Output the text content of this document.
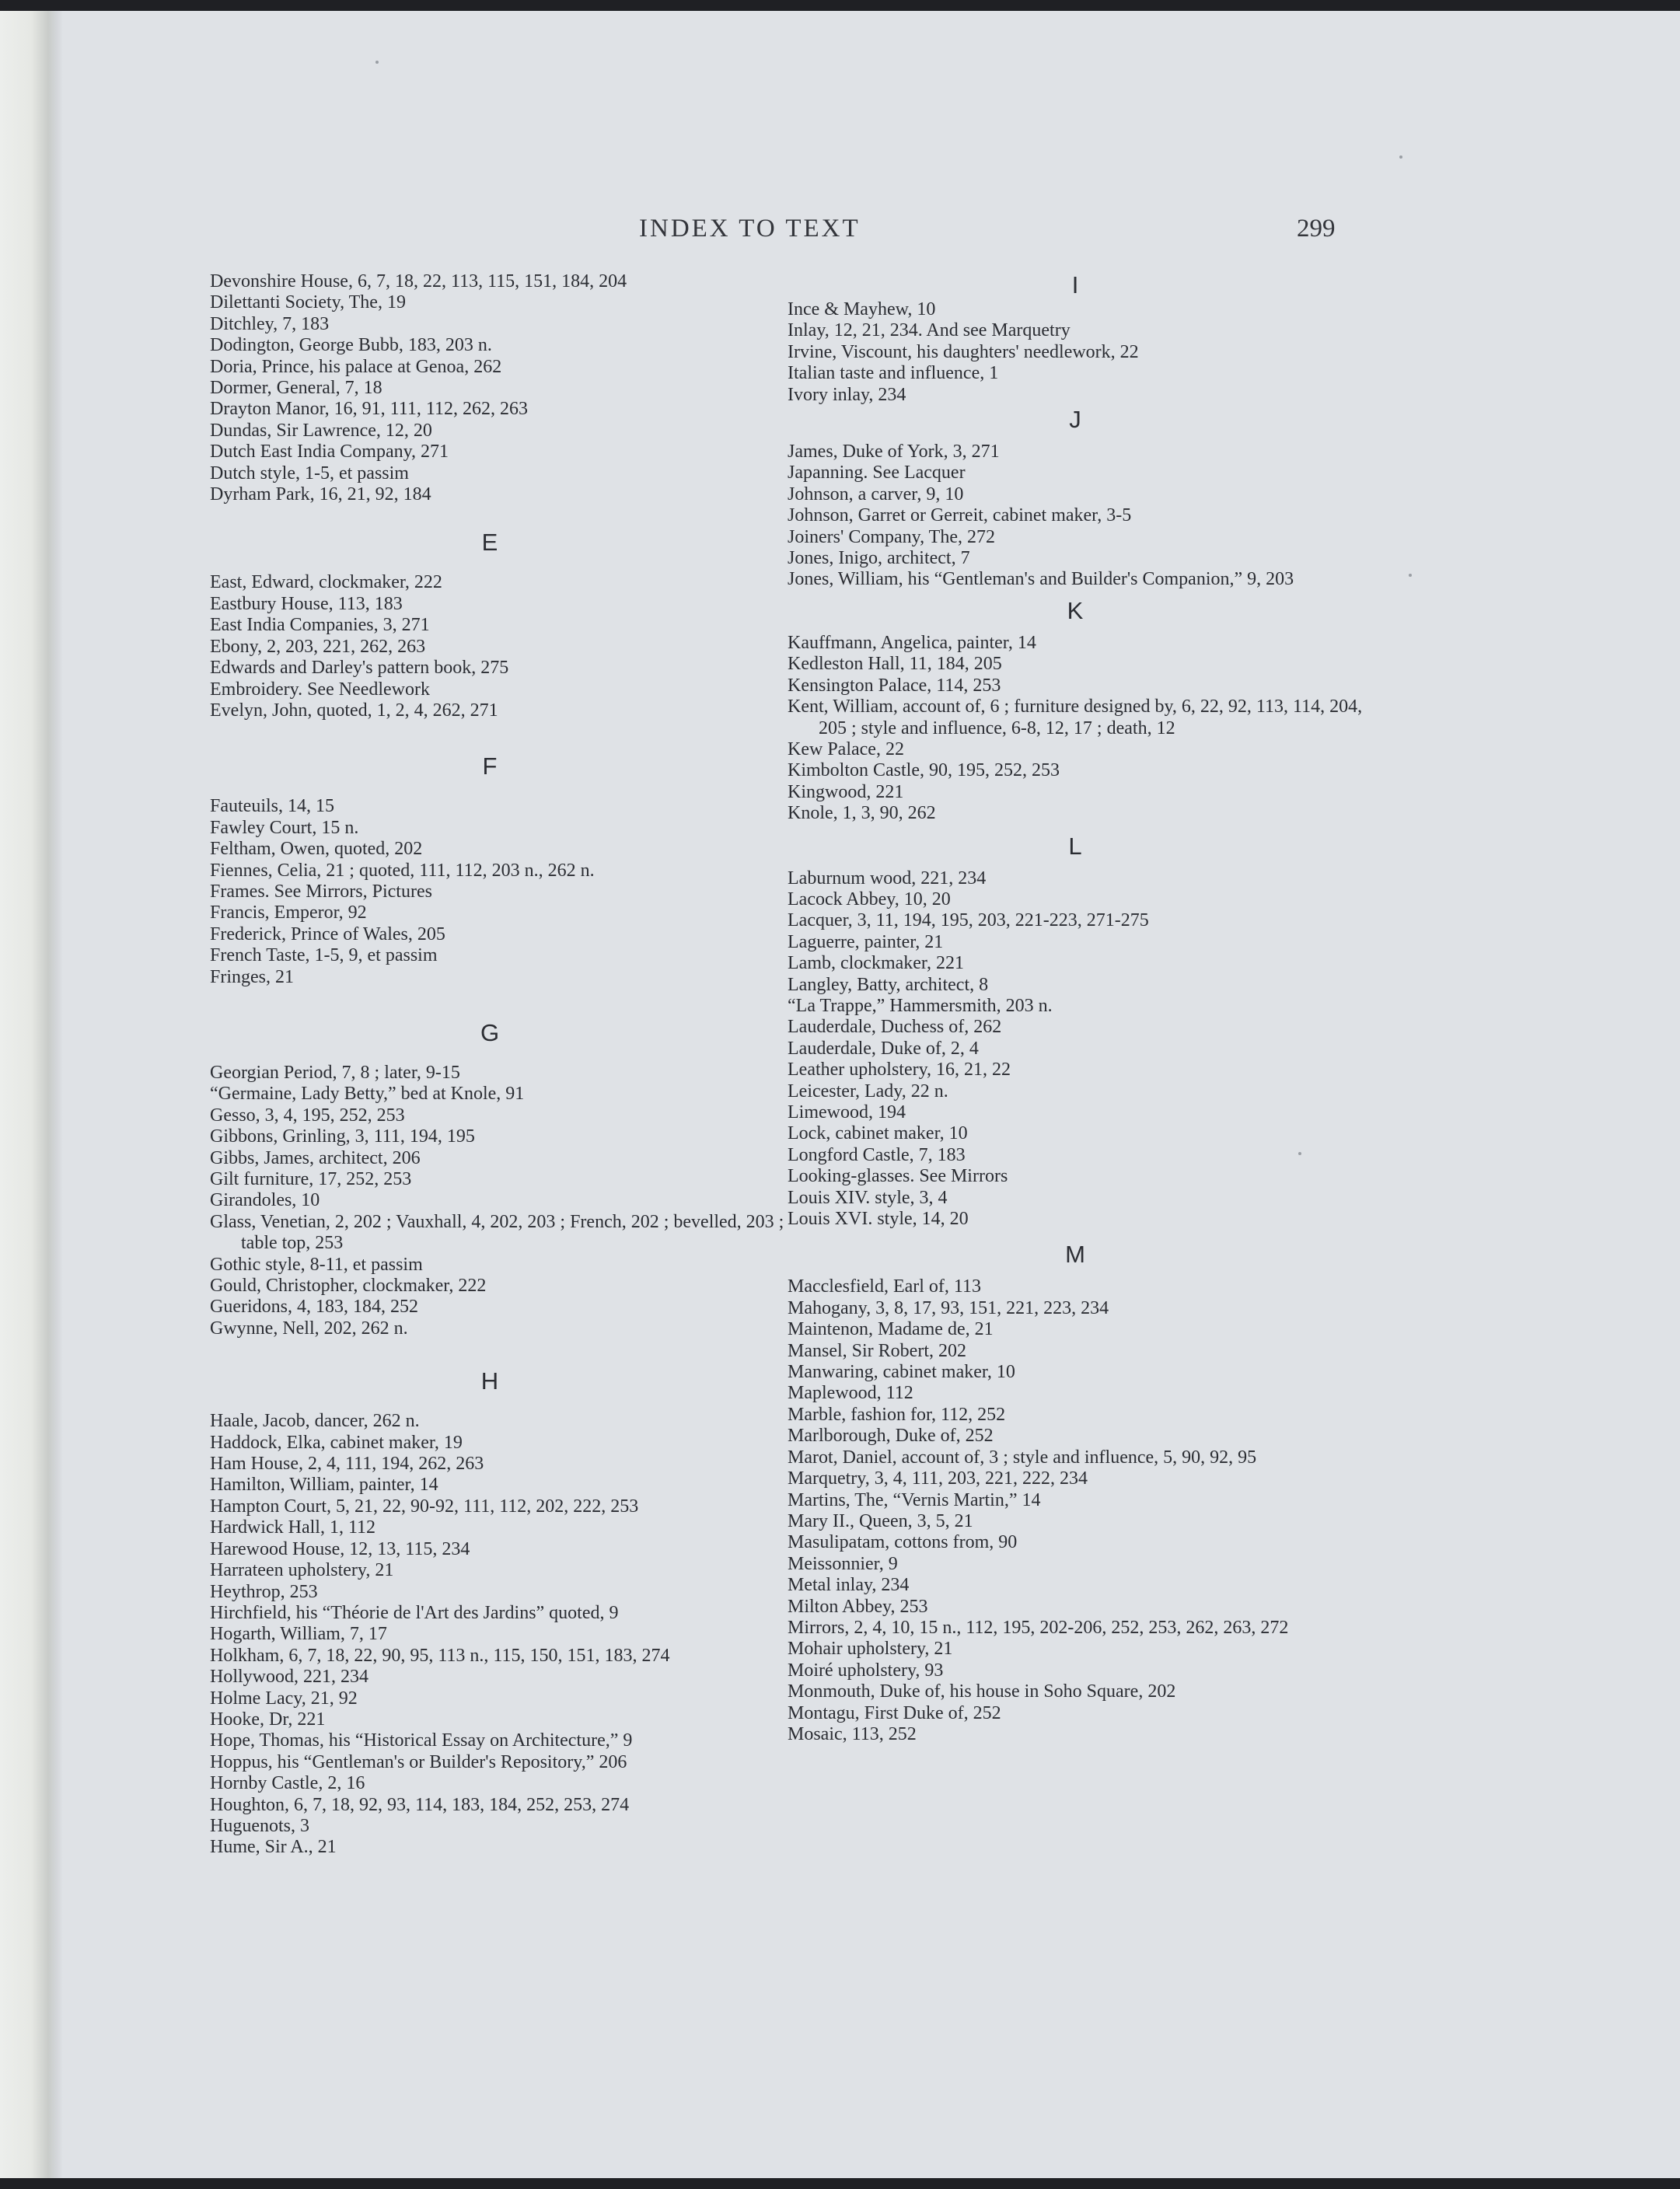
INDEX TO TEXT	299
Devonshire House, 6, 7, 18, 22, 113, 115, 151, 184, 204
Dilettanti Society, The, 19
Ditchley, 7, 183
Dodington, George Bubb, 183, 203 n.
Doria, Prince, his palace at Genoa, 262
Dormer, General, 7, 18
Drayton Manor, 16, 91, 111, 112, 262, 263
Dundas, Sir Lawrence, 12, 20
Dutch East India Company, 271
Dutch style, 1-5, et passim
Dyrham Park, 16, 21, 92, 184
E
East, Edward, clockmaker, 222
Eastbury House, 113, 183
East India Companies, 3, 271
Ebony, 2, 203, 221, 262, 263
Edwards and Darley's pattern book, 275
Embroidery. See Needlework
Evelyn, John, quoted, 1, 2, 4, 262, 271
F
Fauteuils, 14, 15
Fawley Court, 15 n.
Feltham, Owen, quoted, 202
Fiennes, Celia, 21 ; quoted, 111, 112, 203 n., 262 n.
Frames. See Mirrors, Pictures
Francis, Emperor, 92
Frederick, Prince of Wales, 205
French Taste, 1-5, 9, et passim
Fringes, 21
G
Georgian Period, 7, 8 ; later, 9-15
“Germaine, Lady Betty,” bed at Knole, 91
Gesso, 3, 4, 195, 252, 253
Gibbons, Grinling, 3, 111, 194, 195
Gibbs, James, architect, 206
Gilt furniture, 17, 252, 253
Girandoles, 10
Glass, Venetian, 2, 202 ; Vauxhall, 4, 202, 203 ; French, 202 ; bevelled, 203 ; table top, 253
Gothic style, 8-11, et passim
Gould, Christopher, clockmaker, 222
Gueridons, 4, 183, 184, 252
Gwynne, Nell, 202, 262 n.
H
Haale, Jacob, dancer, 262 n.
Haddock, Elka, cabinet maker, 19
Ham House, 2, 4, 111, 194, 262, 263
Hamilton, William, painter, 14
Hampton Court, 5, 21, 22, 90-92, 111, 112, 202, 222, 253
Hardwick Hall, 1, 112
Harewood House, 12, 13, 115, 234
Harrateen upholstery, 21
Heythrop, 253
Hirchfield, his “Théorie de l'Art des Jardins” quoted, 9
Hogarth, William, 7, 17
Holkham, 6, 7, 18, 22, 90, 95, 113 n., 115, 150, 151, 183, 274
Hollywood, 221, 234
Holme Lacy, 21, 92
Hooke, Dr, 221
Hope, Thomas, his “Historical Essay on Architecture,” 9
Hoppus, his “Gentleman's or Builder's Repository,” 206
Hornby Castle, 2, 16
Houghton, 6, 7, 18, 92, 93, 114, 183, 184, 252, 253, 274
Huguenots, 3
Hume, Sir A., 21
I
Ince & Mayhew, 10
Inlay, 12, 21, 234. And see Marquetry
Irvine, Viscount, his daughters' needlework, 22
Italian taste and influence, 1
Ivory inlay, 234
J
James, Duke of York, 3, 271
Japanning. See Lacquer
Johnson, a carver, 9, 10
Johnson, Garret or Gerreit, cabinet maker, 3-5
Joiners' Company, The, 272
Jones, Inigo, architect, 7
Jones, William, his “Gentleman's and Builder's Companion,” 9, 203
K
Kauffmann, Angelica, painter, 14
Kedleston Hall, 11, 184, 205
Kensington Palace, 114, 253
Kent, William, account of, 6 ; furniture designed by, 6, 22, 92, 113, 114, 204, 205 ; style and influence, 6-8, 12, 17 ; death, 12
Kew Palace, 22
Kimbolton Castle, 90, 195, 252, 253
Kingwood, 221
Knole, 1, 3, 90, 262
L
Laburnum wood, 221, 234
Lacock Abbey, 10, 20
Lacquer, 3, 11, 194, 195, 203, 221-223, 271-275
Laguerre, painter, 21
Lamb, clockmaker, 221
Langley, Batty, architect, 8
“La Trappe,” Hammersmith, 203 n.
Lauderdale, Duchess of, 262
Lauderdale, Duke of, 2, 4
Leather upholstery, 16, 21, 22
Leicester, Lady, 22 n.
Limewood, 194
Lock, cabinet maker, 10
Longford Castle, 7, 183
Looking-glasses. See Mirrors
Louis XIV. style, 3, 4
Louis XVI. style, 14, 20
M
Macclesfield, Earl of, 113
Mahogany, 3, 8, 17, 93, 151, 221, 223, 234
Maintenon, Madame de, 21
Mansel, Sir Robert, 202
Manwaring, cabinet maker, 10
Maplewood, 112
Marble, fashion for, 112, 252
Marlborough, Duke of, 252
Marot, Daniel, account of, 3 ; style and influence, 5, 90, 92, 95
Marquetry, 3, 4, 111, 203, 221, 222, 234
Martins, The, “Vernis Martin,” 14
Mary II., Queen, 3, 5, 21
Masulipatam, cottons from, 90
Meissonnier, 9
Metal inlay, 234
Milton Abbey, 253
Mirrors, 2, 4, 10, 15 n., 112, 195, 202-206, 252, 253, 262, 263, 272
Mohair upholstery, 21
Moiré upholstery, 93
Monmouth, Duke of, his house in Soho Square, 202
Montagu, First Duke of, 252
Mosaic, 113, 252
